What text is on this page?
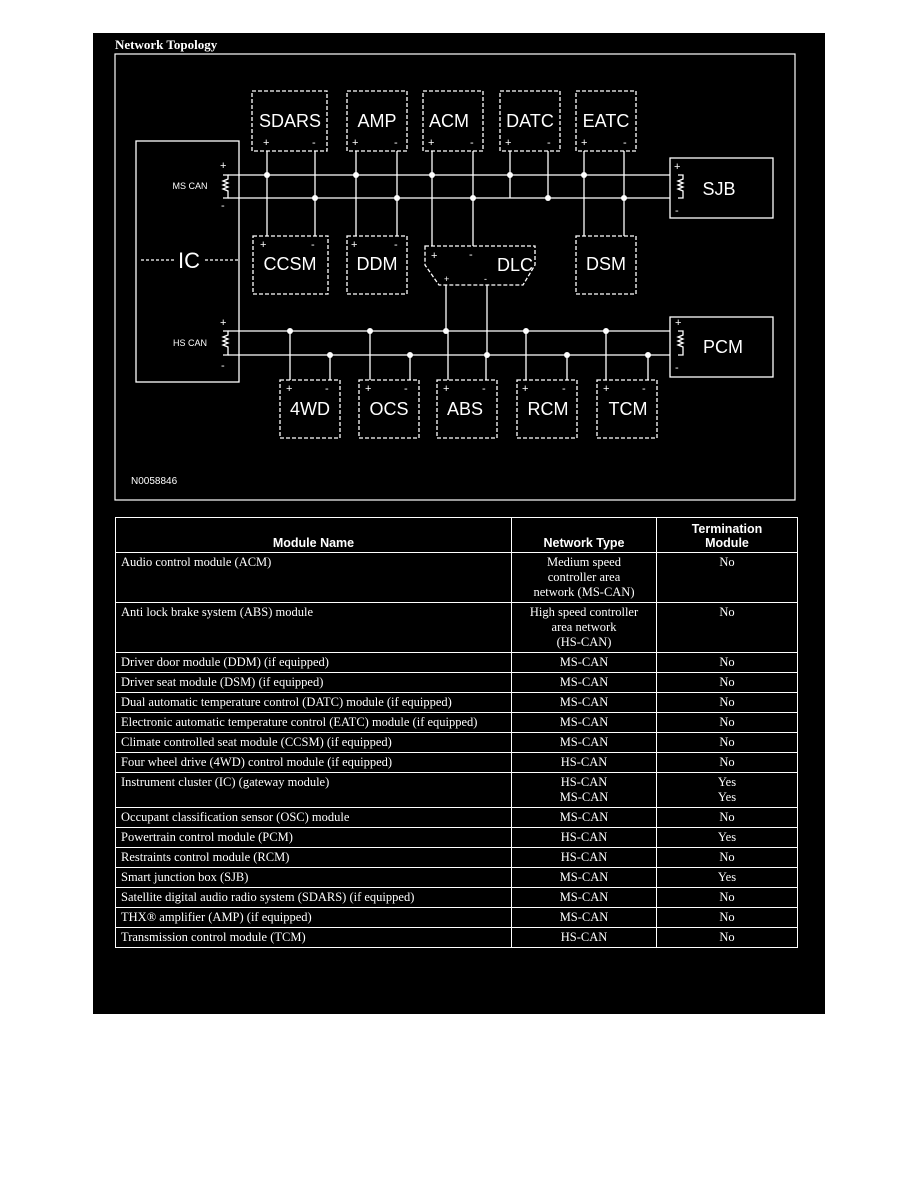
Network Topology
IC
MS CAN
HS CAN
+
-
+
-
SDARS
+	-
AMP
+	-
ACM
+	-
DATC
+	-
EATC
+	-
SJB
+
-
CCSM
+	-
DDM
+	-
DLC
+	-
+	-
DSM
PCM
+
-
4WD
+	-
OCS
+	-
ABS
+	-
RCM
+	-
TCM
+	-
N0058846
Module Name	Network Type	Termination Module
Audio control module (ACM)	Medium speed
controller area
network (MS-CAN)	No

Anti lock brake system (ABS) module	High speed controller
area network
(HS-CAN)	No

Driver door module (DDM) (if equipped)	MS-CAN	No

Driver seat module (DSM) (if equipped)	MS-CAN	No

Dual automatic temperature control (DATC) module (if equipped)	MS-CAN	No

Electronic automatic temperature control (EATC) module (if equipped)	MS-CAN	No

Climate controlled seat module (CCSM) (if equipped)	MS-CAN	No

Four wheel drive (4WD) control module (if equipped)	HS-CAN	No

Instrument cluster (IC) (gateway module)	HS-CAN
MS-CAN	Yes
Yes

Occupant classification sensor (OSC) module	MS-CAN	No

Powertrain control module (PCM)	HS-CAN	Yes

Restraints control module (RCM)	HS-CAN	No

Smart junction box (SJB)	MS-CAN	Yes

Satellite digital audio radio system (SDARS) (if equipped)	MS-CAN	No

THX® amplifier (AMP) (if equipped)	MS-CAN	No

Transmission control module (TCM)	HS-CAN	No
